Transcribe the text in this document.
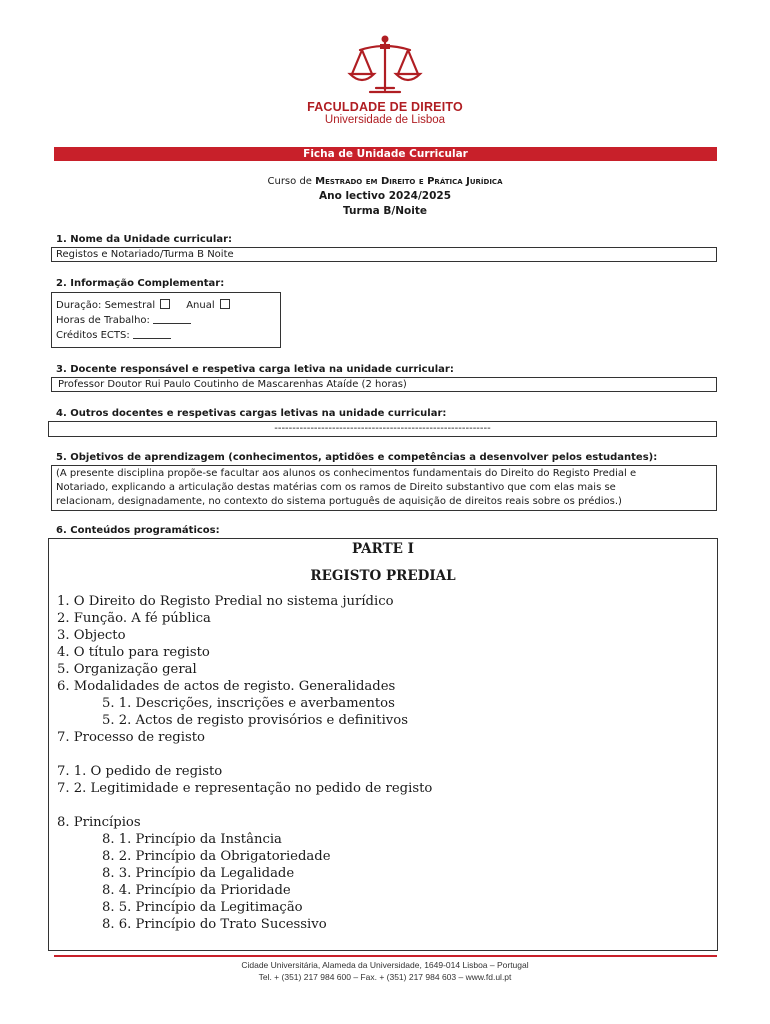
FACULDADE DE DIREITO
Universidade de Lisboa
Ficha de Unidade Curricular
Curso de Mestrado em Direito e Prática Jurídica
Ano lectivo 2024/2025
Turma B/Noite
1. Nome da Unidade curricular:
Registos e Notariado/Turma B Noite
2. Informação Complementar:
Duração: Semestral	Anual
Horas de Trabalho:
Créditos ECTS:
3. Docente responsável e respetiva carga letiva na unidade curricular:
Professor Doutor Rui Paulo Coutinho de Mascarenhas Ataíde (2 horas)
4. Outros docentes e respetivas cargas letivas na unidade curricular:
------------------------------------------------------------
5. Objetivos de aprendizagem (conhecimentos, aptidões e competências a desenvolver pelos estudantes):
(A presente disciplina propõe-se facultar aos alunos os conhecimentos fundamentais do Direito do Registo Predial e
Notariado, explicando a articulação destas matérias com os ramos de Direito substantivo que com elas mais se
relacionam, designadamente, no contexto do sistema português de aquisição de direitos reais sobre os prédios.)
6. Conteúdos programáticos:
PARTE I
REGISTO PREDIAL
1. O Direito do Registo Predial no sistema jurídico
2. Função. A fé pública
3. Objecto
4. O título para registo
5. Organização geral
6. Modalidades de actos de registo. Generalidades
5. 1. Descrições, inscrições e averbamentos
5. 2. Actos de registo provisórios e definitivos
7. Processo de registo
7. 1. O pedido de registo
7. 2. Legitimidade e representação no pedido de registo
8. Princípios
8. 1. Princípio da Instância
8. 2. Princípio da Obrigatoriedade
8. 3. Princípio da Legalidade
8. 4. Princípio da Prioridade
8. 5. Princípio da Legitimação
8. 6. Princípio do Trato Sucessivo
Cidade Universitária, Alameda da Universidade, 1649-014 Lisboa – Portugal
Tel. + (351) 217 984 600 – Fax. + (351) 217 984 603 – www.fd.ul.pt
